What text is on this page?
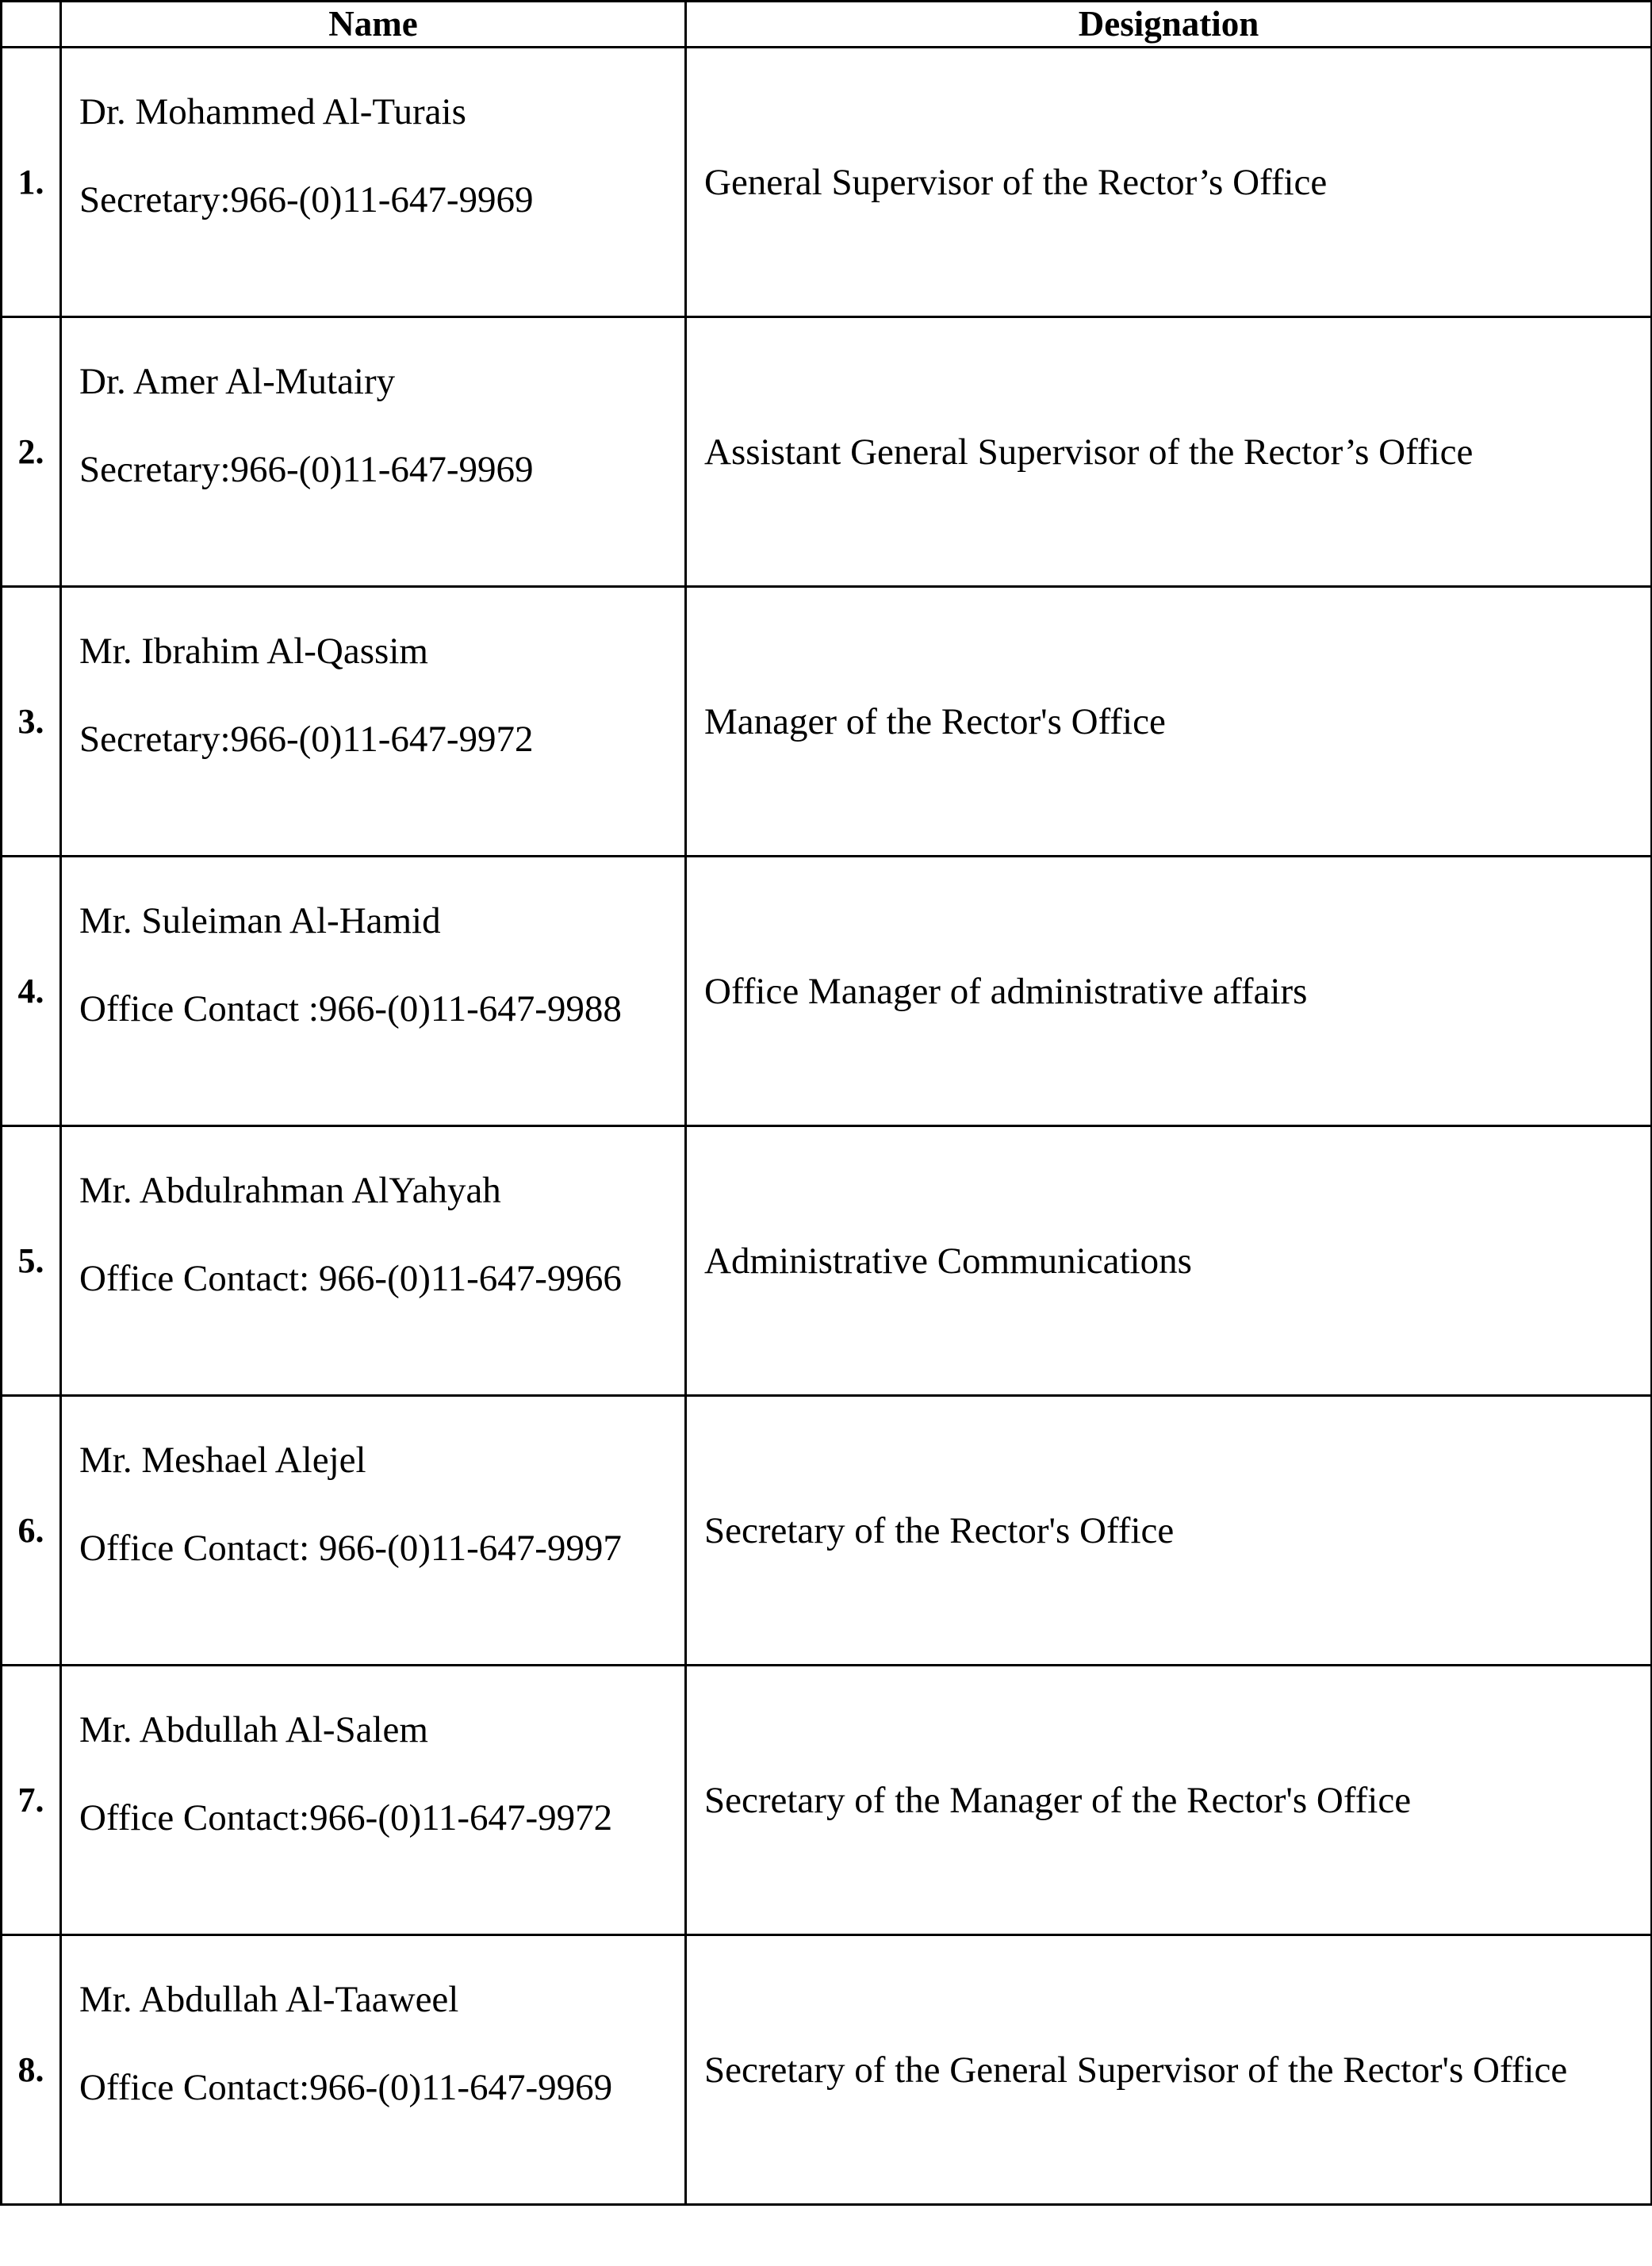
	Name	Designation
1.	Dr. Mohammed Al-Turais
Secretary:966-(0)11-647-9969	General Supervisor of the Rector’s Office
2.	Dr. Amer Al-Mutairy
Secretary:966-(0)11-647-9969	Assistant General Supervisor of the Rector’s Office
3.	Mr. Ibrahim Al-Qassim
Secretary:966-(0)11-647-9972	Manager of the Rector's Office
4.	Mr. Suleiman Al-Hamid
Office Contact :966-(0)11-647-9988	Office Manager of administrative affairs
5.	Mr. Abdulrahman AlYahyah
Office Contact: 966-(0)11-647-9966	Administrative Communications
6.	Mr. Meshael Alejel
Office Contact: 966-(0)11-647-9997	Secretary of the Rector's Office
7.	Mr. Abdullah Al-Salem
Office Contact:966-(0)11-647-9972	Secretary of the Manager of the Rector's Office
8.	Mr. Abdullah Al-Taaweel
Office Contact:966-(0)11-647-9969	Secretary of the General Supervisor of the Rector's Office
